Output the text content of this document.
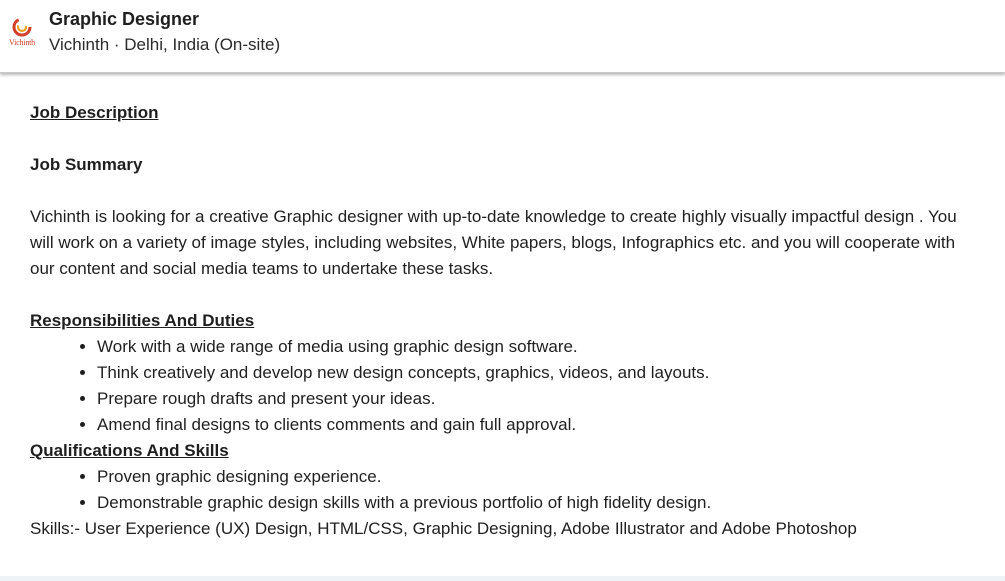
Vichinth
Graphic Designer
Vichinth · Delhi, India (On-site)
Job Description
Job Summary

Vichinth is looking for a creative Graphic designer with up-to-date knowledge to create highly visually impactful design . You will work on a variety of image styles, including websites, White papers, blogs, Infographics etc. and you will cooperate with our content and social media teams to undertake these tasks.

Responsibilities And Duties
• Work with a wide range of media using graphic design software.
• Think creatively and develop new design concepts, graphics, videos, and layouts.
• Prepare rough drafts and present your ideas.
• Amend final designs to clients comments and gain full approval.
Qualifications And Skills
• Proven graphic designing experience.
• Demonstrable graphic design skills with a previous portfolio of high fidelity design.

Skills:- User Experience (UX) Design, HTML/CSS, Graphic Designing, Adobe Illustrator and Adobe Photoshop
